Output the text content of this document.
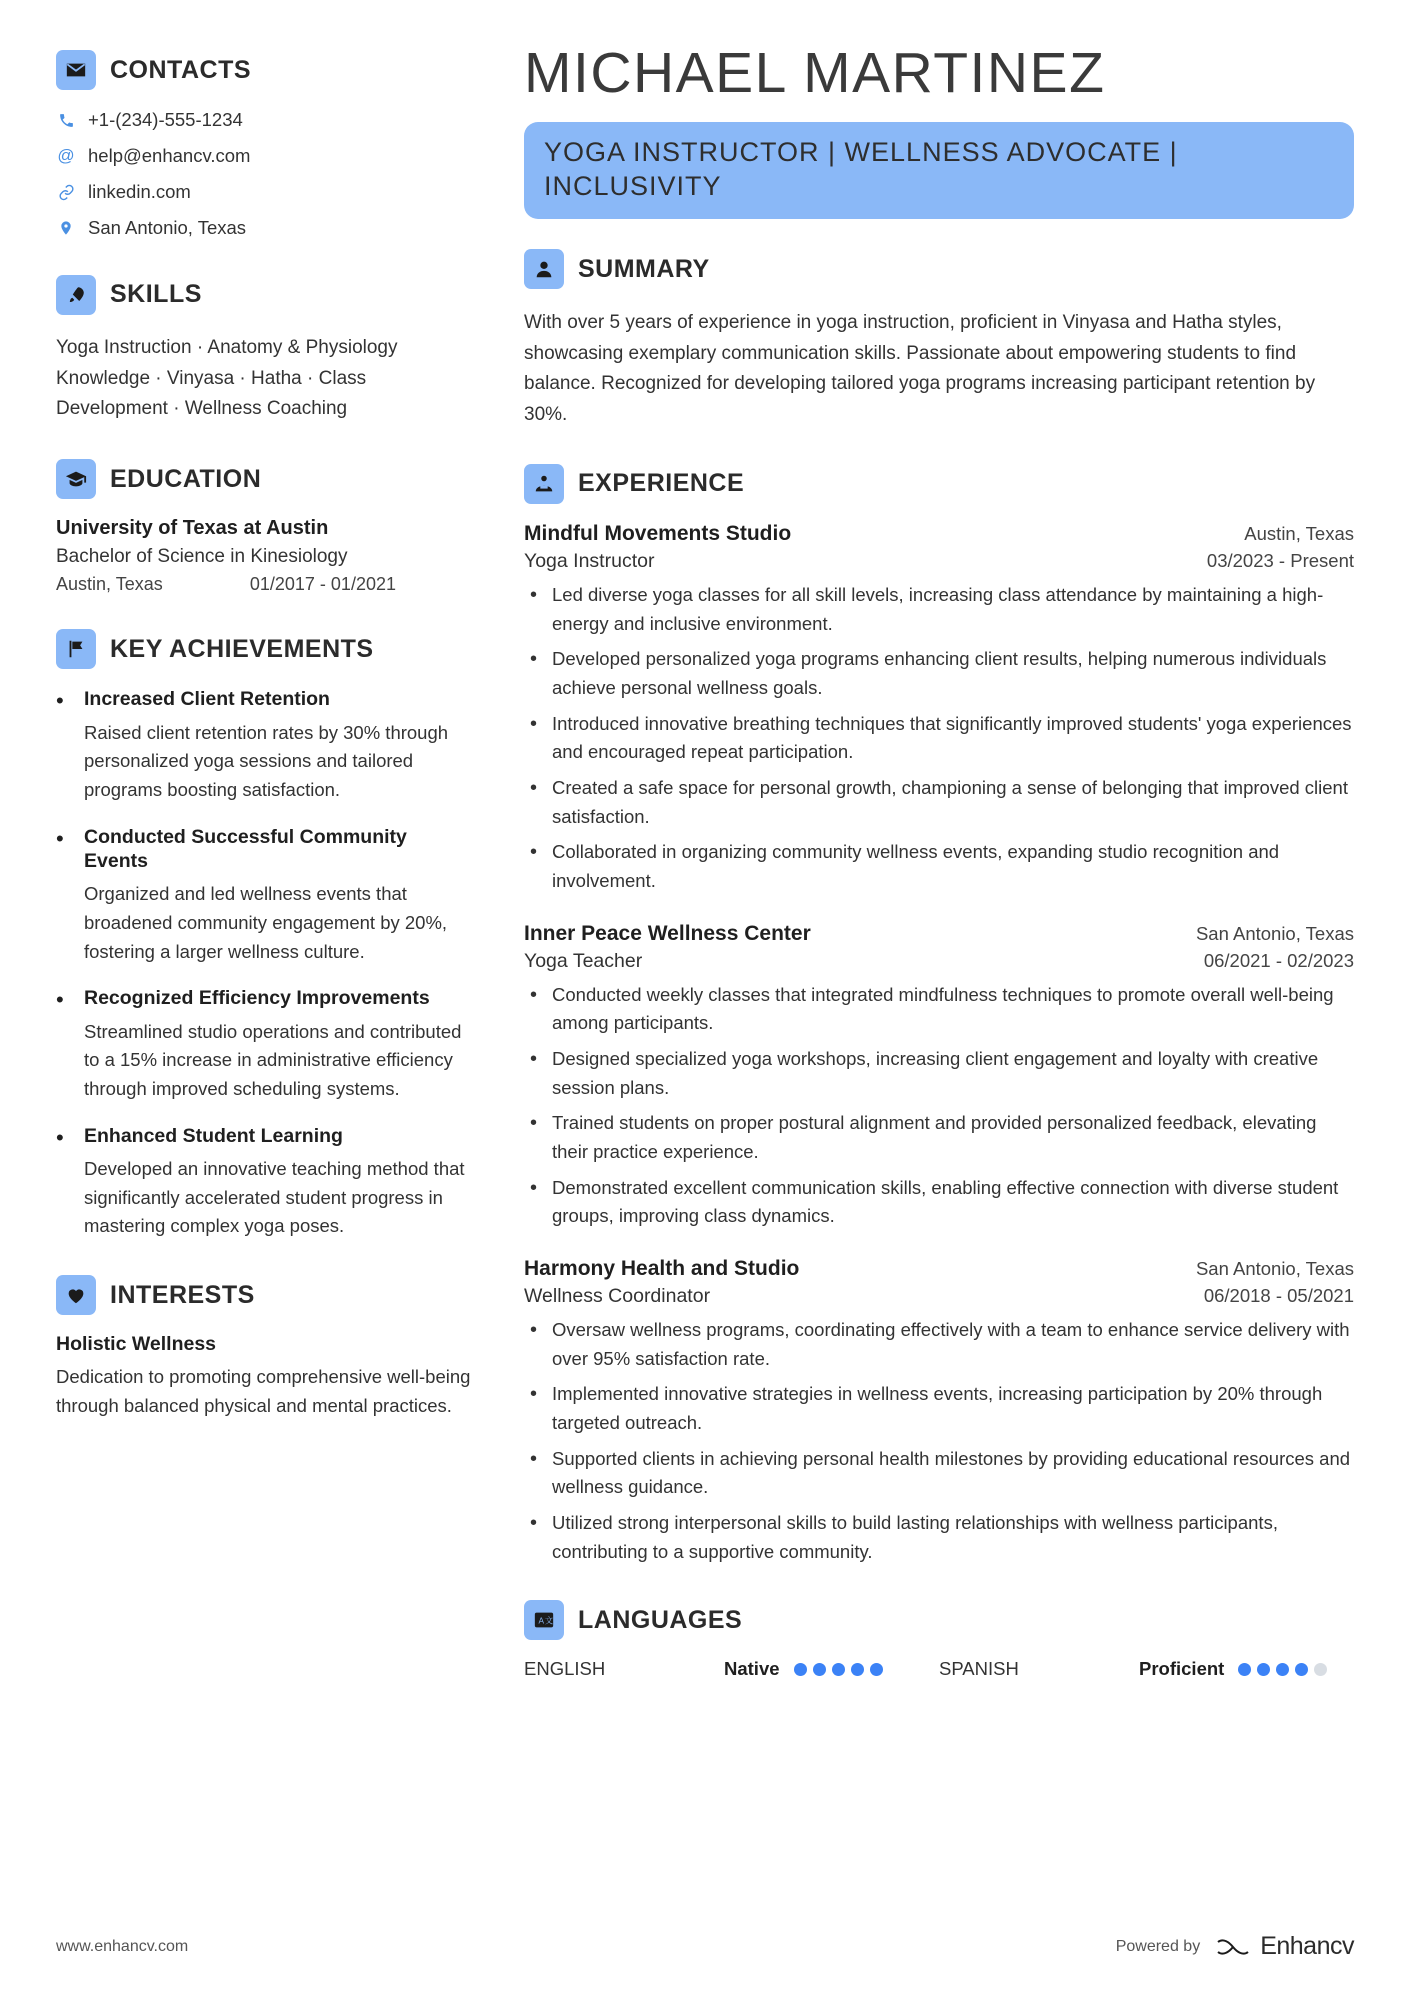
CONTACTS
+1-(234)-555-1234
@ help@enhancv.com
linkedin.com
San Antonio, Texas
SKILLS
Yoga Instruction · Anatomy & Physiology Knowledge · Vinyasa · Hatha · Class Development · Wellness Coaching
EDUCATION
University of Texas at Austin
Bachelor of Science in Kinesiology
Austin, Texas	01/2017 - 01/2021
KEY ACHIEVEMENTS
•	Increased Client Retention
Raised client retention rates by 30% through personalized yoga sessions and tailored programs boosting satisfaction.
•	Conducted Successful Community Events
Organized and led wellness events that broadened community engagement by 20%, fostering a larger wellness culture.
•	Recognized Efficiency Improvements
Streamlined studio operations and contributed to a 15% increase in administrative efficiency through improved scheduling systems.
•	Enhanced Student Learning
Developed an innovative teaching method that significantly accelerated student progress in mastering complex yoga poses.
INTERESTS
Holistic Wellness
Dedication to promoting comprehensive well-being through balanced physical and mental practices.
MICHAEL MARTINEZ
YOGA INSTRUCTOR | WELLNESS ADVOCATE | INCLUSIVITY
SUMMARY

With over 5 years of experience in yoga instruction, proficient in Vinyasa and Hatha styles, showcasing exemplary communication skills. Passionate about empowering students to find balance. Recognized for developing tailored yoga programs increasing participant retention by 30%.

EXPERIENCE
Mindful Movements Studio	Austin, Texas
Yoga Instructor	03/2023 - Present
• Led diverse yoga classes for all skill levels, increasing class attendance by maintaining a high-energy and inclusive environment.
• Developed personalized yoga programs enhancing client results, helping numerous individuals achieve personal wellness goals.
• Introduced innovative breathing techniques that significantly improved students' yoga experiences and encouraged repeat participation.
• Created a safe space for personal growth, championing a sense of belonging that improved client satisfaction.
• Collaborated in organizing community wellness events, expanding studio recognition and involvement.
Inner Peace Wellness Center	San Antonio, Texas
Yoga Teacher	06/2021 - 02/2023
• Conducted weekly classes that integrated mindfulness techniques to promote overall well-being among participants.
• Designed specialized yoga workshops, increasing client engagement and loyalty with creative session plans.
• Trained students on proper postural alignment and provided personalized feedback, elevating their practice experience.
• Demonstrated excellent communication skills, enabling effective connection with diverse student groups, improving class dynamics.
Harmony Health and Studio	San Antonio, Texas
Wellness Coordinator	06/2018 - 05/2021
• Oversaw wellness programs, coordinating effectively with a team to enhance service delivery with over 95% satisfaction rate.
• Implemented innovative strategies in wellness events, increasing participation by 20% through targeted outreach.
• Supported clients in achieving personal health milestones by providing educational resources and wellness guidance.
• Utilized strong interpersonal skills to build lasting relationships with wellness participants, contributing to a supportive community.
A 文 LANGUAGES
ENGLISH	Native	SPANISH	Proficient
www.enhancv.com	Powered by Enhancv
